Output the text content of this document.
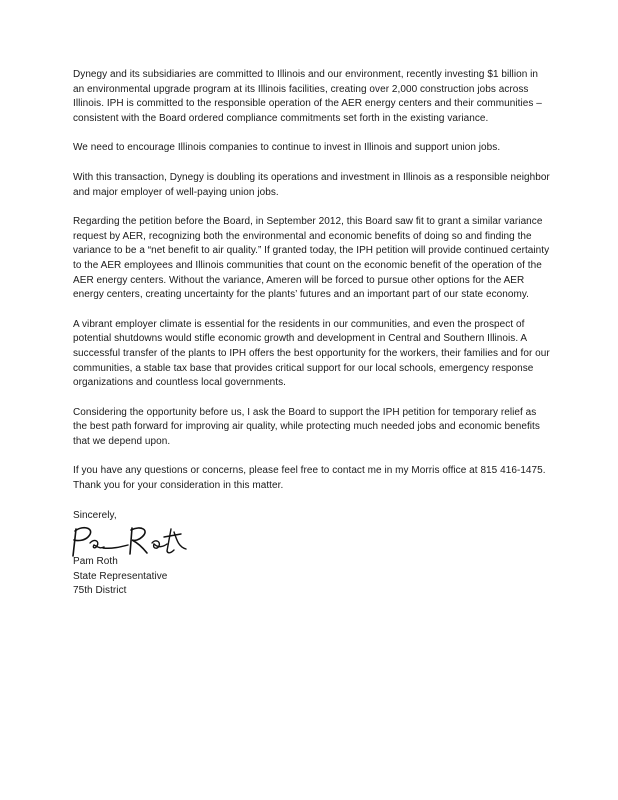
Dynegy and its subsidiaries are committed to Illinois and our environment, recently investing $1 billion in an environmental upgrade program at its Illinois facilities, creating over 2,000 construction jobs across Illinois. IPH is committed to the responsible operation of the AER energy centers and their communities – consistent with the Board ordered compliance commitments set forth in the existing variance.

We need to encourage Illinois companies to continue to invest in Illinois and support union jobs.

With this transaction, Dynegy is doubling its operations and investment in Illinois as a responsible neighbor and major employer of well-paying union jobs.

Regarding the petition before the Board, in September 2012, this Board saw fit to grant a similar variance request by AER, recognizing both the environmental and economic benefits of doing so and finding the variance to be a “net benefit to air quality.” If granted today, the IPH petition will provide continued certainty to the AER employees and Illinois communities that count on the economic benefit of the operation of the AER energy centers. Without the variance, Ameren will be forced to pursue other options for the AER energy centers, creating uncertainty for the plants’ futures and an important part of our state economy.

A vibrant employer climate is essential for the residents in our communities, and even the prospect of potential shutdowns would stifle economic growth and development in Central and Southern Illinois. A successful transfer of the plants to IPH offers the best opportunity for the workers, their families and for our communities, a stable tax base that provides critical support for our local schools, emergency response organizations and countless local governments.

Considering the opportunity before us, I ask the Board to support the IPH petition for temporary relief as the best path forward for improving air quality, while protecting much needed jobs and economic benefits that we depend upon.

If you have any questions or concerns, please feel free to contact me in my Morris office at 815 416-1475. Thank you for your consideration in this matter.

Sincerely,

Pam Roth

State Representative

75th District
